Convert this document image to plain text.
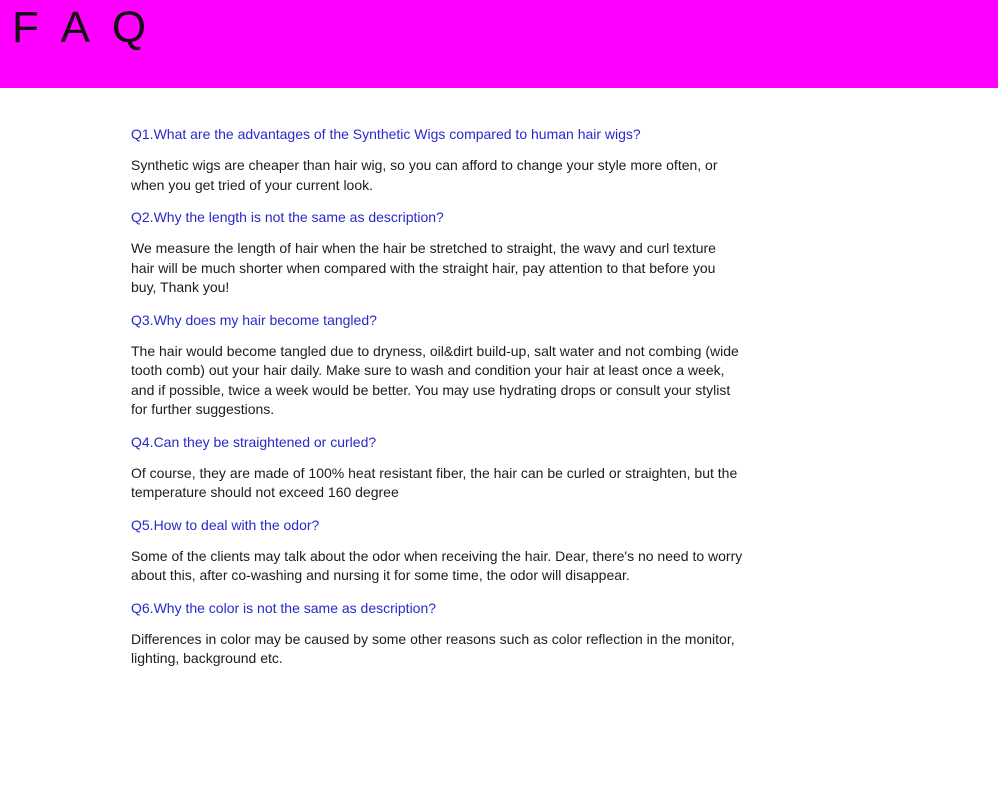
F A Q
Q1.What are the advantages of the Synthetic Wigs compared to human hair wigs?
Synthetic wigs are cheaper than hair wig, so you can afford to change your style more often, or when you get tried of your current look.
Q2.Why the length is not the same as description?
We measure the length of hair when the hair be stretched to straight, the wavy and curl texture hair will be much shorter when compared with the straight hair, pay attention to that before you buy, Thank you!
Q3.Why does my hair become tangled?
The hair would become tangled due to dryness, oil&dirt build-up, salt water and not combing (wide tooth comb) out your hair daily. Make sure to wash and condition your hair at least once a week, and if possible, twice a week would be better. You may use hydrating drops or consult your stylist for further suggestions.
Q4.Can they be straightened or curled?
Of course, they are made of 100% heat resistant fiber, the hair can be curled or straighten, but the temperature should not exceed 160 degree
Q5.How to deal with the odor?
Some of the clients may talk about the odor when receiving the hair. Dear, there's no need to worry about this, after co-washing and nursing it for some time, the odor will disappear.
Q6.Why the color is not the same as description?
Differences in color may be caused by some other reasons such as color reflection in the monitor, lighting, background etc.
